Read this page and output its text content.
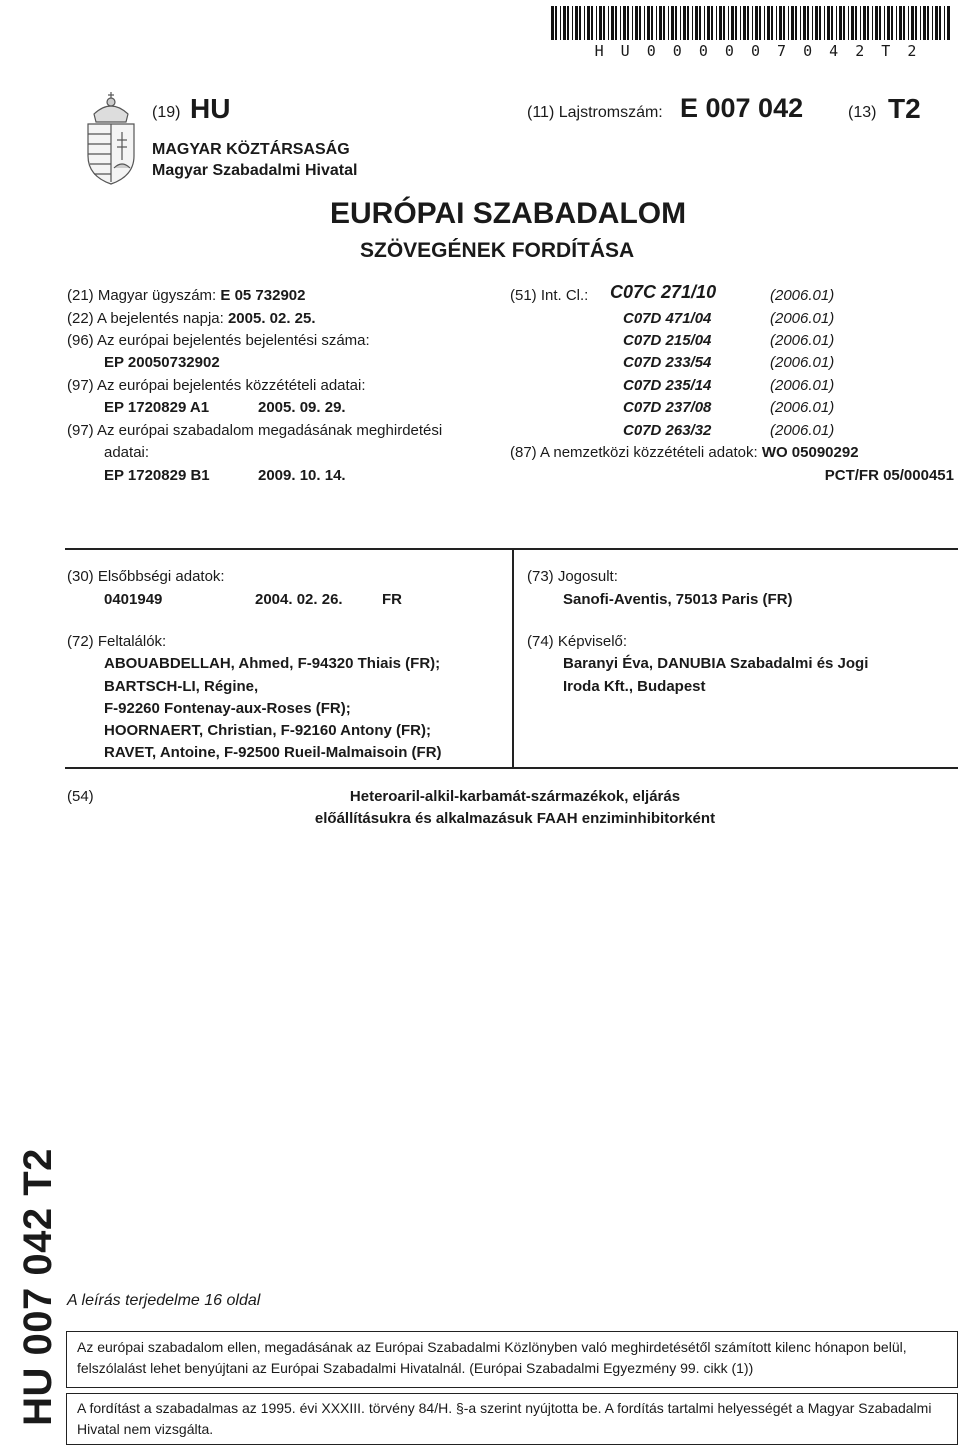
H U 0 0 0 0 0 7 0 4 2 T 2
(19) HU	(11) Lajstromszám: E 007 042	(13) T2
MAGYAR KÖZTÁRSASÁG
Magyar Szabadalmi Hivatal
EURÓPAI SZABADALOM
SZÖVEGÉNEK FORDÍTÁSA
(21) Magyar ügyszám: E 05 732902
(22) A bejelentés napja: 2005. 02. 25.
(96) Az európai bejelentés bejelentési száma:
EP 20050732902
(97) Az európai bejelentés közzétételi adatai:
EP 1720829 A1	2005. 09. 29.
(97) Az európai szabadalom megadásának meghirdetési
adatai:
EP 1720829 B1	2009. 10. 14.
(51) Int. Cl.: C07C 271/10	(2006.01)
C07D 471/04	(2006.01)
C07D 215/04	(2006.01)
C07D 233/54	(2006.01)
C07D 235/14	(2006.01)
C07D 237/08	(2006.01)
C07D 263/32	(2006.01)
(87) A nemzetközi közzétételi adatok: WO 05090292
PCT/FR 05/000451
(30) Elsőbbségi adatok:
0401949	2004. 02. 26.	FR
(72) Feltalálók:
ABOUABDELLAH, Ahmed, F-94320 Thiais (FR);
BARTSCH-LI, Régine,
F-92260 Fontenay-aux-Roses (FR);
HOORNAERT, Christian, F-92160 Antony (FR);
RAVET, Antoine, F-92500 Rueil-Malmaisoin (FR)
(73) Jogosult:
Sanofi-Aventis, 75013 Paris (FR)
(74) Képviselő:
Baranyi Éva, DANUBIA Szabadalmi és Jogi
Iroda Kft., Budapest
(54)	Heteroaril-alkil-karbamát-származékok, eljárás
előállításukra és alkalmazásuk FAAH enziminhibitorként
HU 007 042 T2 A leírás terjedelme 16 oldal
Az európai szabadalom ellen, megadásának az Európai Szabadalmi Közlönyben való meghirdetésétől számított kilenc hónapon belül, felszólalást lehet benyújtani az Európai Szabadalmi Hivatalnál. (Európai Szabadalmi Egyezmény 99. cikk (1))
A fordítást a szabadalmas az 1995. évi XXXIII. törvény 84/H. §-a szerint nyújtotta be. A fordítás tartalmi helyességét a Magyar Szabadalmi Hivatal nem vizsgálta.
